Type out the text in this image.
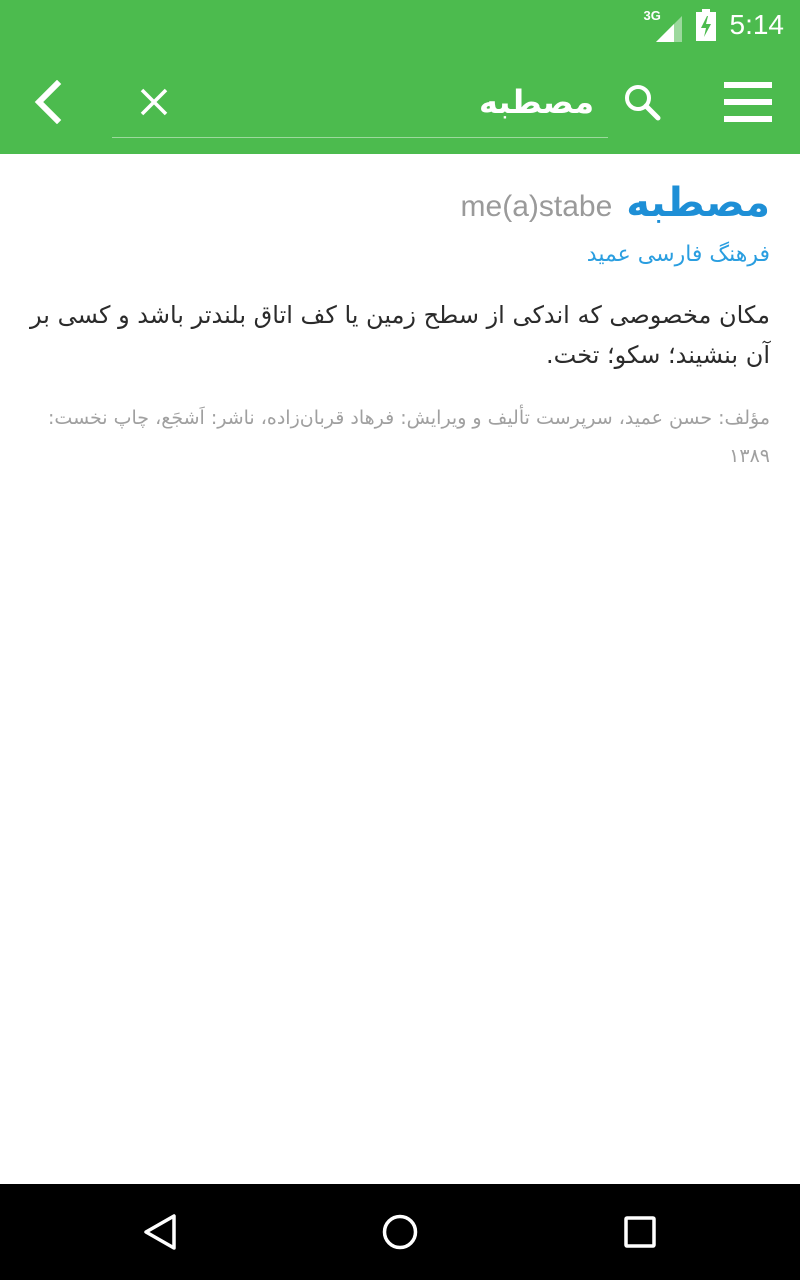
3G 5:14
مصطبه
مصطبه
me(a)stabe
فرهنگ فارسی عمید
مکان مخصوصی که اندکی از سطح زمین یا کف اتاق بلندتر باشد و کسی بر آن بنشیند؛ سکو؛ تخت.
مؤلف: حسن عمید، سرپرست تألیف و ویرایش: فرهاد قربان‌زاده، ناشر: اَشجَع، چاپ نخست: ۱۳۸۹
